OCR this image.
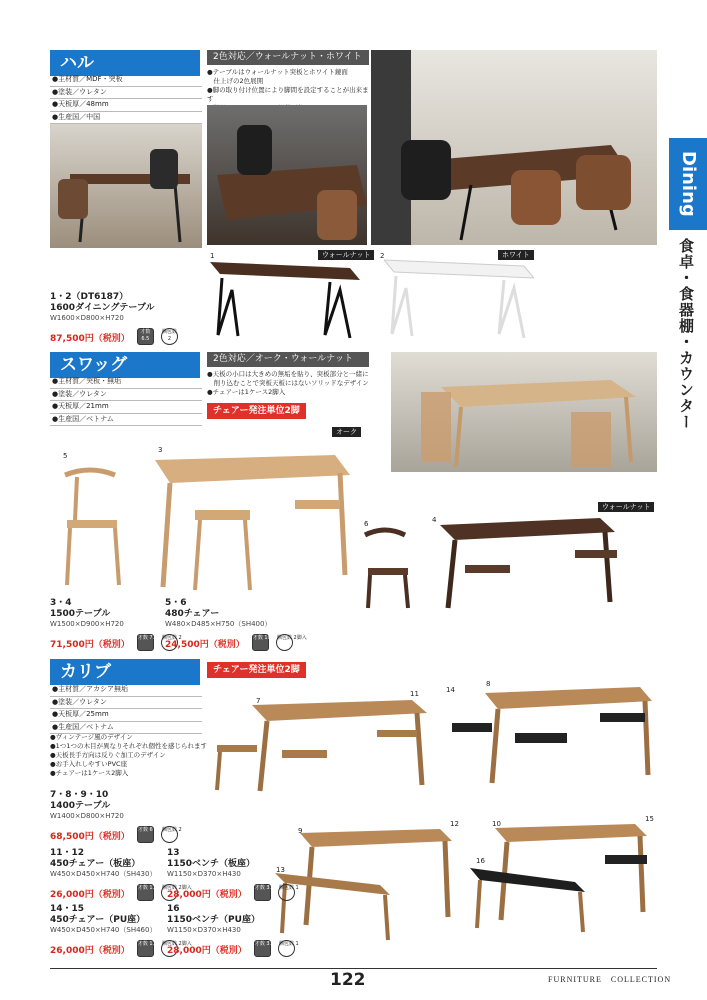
Dining
食卓・食器棚・カウンター
ハル
●主材質／MDF・突板
●塗装／ウレタン
●天板厚／48mm
●生産国／中国
2色対応／ウォールナット・ホワイト
●テーブルはウォールナット突板とホワイト鏡面
　仕上げの2色展開
●脚の取り付け位置により脚間を設定することが出来ます
1	ウォールナット	2	ホワイト
1・2（DT6187）
1600ダイニングテーブル
W1600×D800×H720
87,500円（税別） 才数 6.5 梱包数 2
スワッグ
●主材質／突板・無垢
●塗装／ウレタン
●天板厚／21mm
●生産国／ベトナム
2色対応／オーク・ウォールナット
●天板の小口は大きめの無垢を貼り、突板部分と一緒に
　削り込むことで突板天板にはないソリッドなデザイン
●チェアーは1ケース2脚入
チェアー発注単位2脚
オーク
5
3
ウォールナット
6	4
3・4
1500テーブル
W1500×D900×H720
71,500円（税別） 才数 7.1 梱包数 2
5・6
480チェアー
W480×D485×H750（SH400）
24,500円（税別） 才数 10.6 梱包数 2脚入
カリブ	チェアー発注単位2脚
●主材質／アカシア無垢
●塗装／ウレタン
●天板厚／25mm
●生産国／ベトナム
●ヴィンテージ風のデザイン
●1つ1つの木目が異なりそれぞれ個性を感じられます
●天板長手方向は反りぐ加工のデザイン
●お手入れしやすいPVC座
●チェアーは1ケース2脚入
7
11	14
8
7・8・9・10
1400テーブル
W1400×D800×H720
68,500円（税別） 才数 6 梱包数 2	9
12	10
15
13
16
11・12
450チェアー（板座）
W450×D450×H740（SH430）
26,000円（税別） 才数 11 梱包数 2脚入
13
1150ベンチ（板座）
W1150×D370×H430
28,000円（税別） 才数 3.5 梱包数 1
14・15
450チェアー（PU座）
W450×D450×H740（SH460）
26,000円（税別） 才数 11 梱包数 2脚入
16
1150ベンチ（PU座）
W1150×D370×H430
28,000円（税別） 才数 3.3 梱包数 1
122	FURNITURE　COLLECTION
